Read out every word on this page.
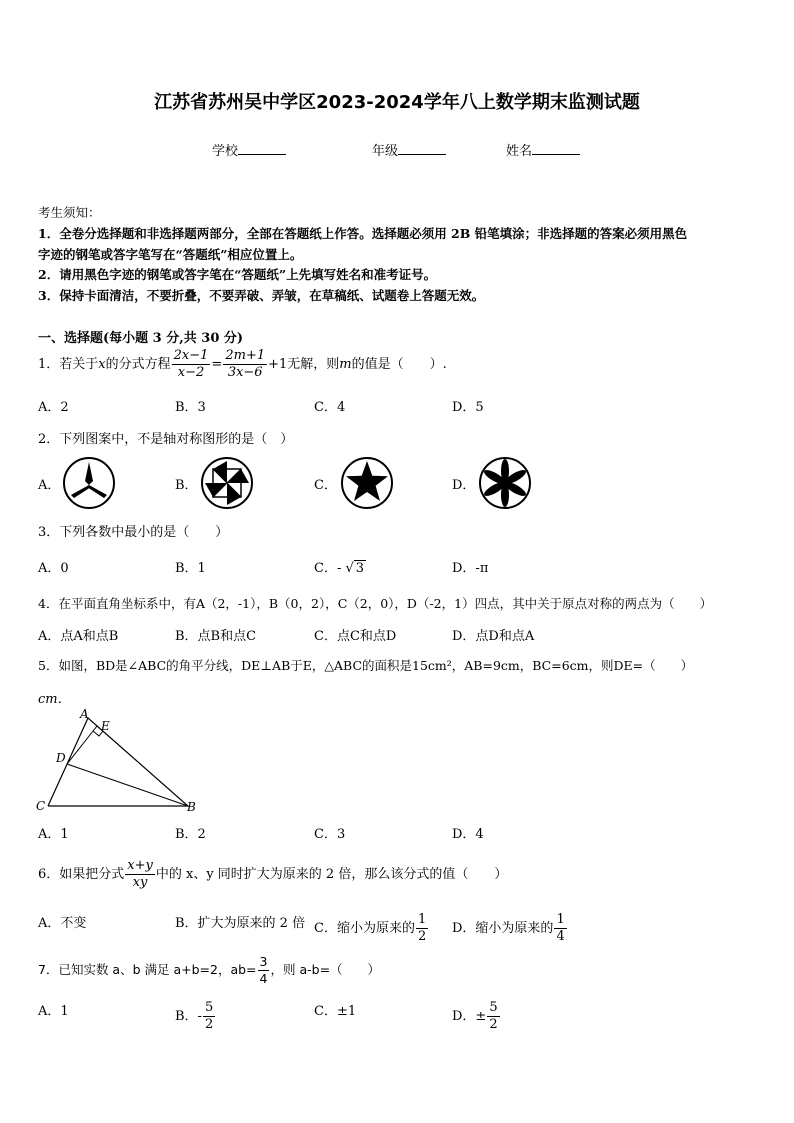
江苏省苏州吴中学区2023-2024学年八上数学期末监测试题
学校	年级	姓名
考生须知：
1．全卷分选择题和非选择题两部分，全部在答题纸上作答。选择题必须用 2B 铅笔填涂；非选择题的答案必须用黑色
字迹的钢笔或答字笔写在“答题纸”相应位置上。
2．请用黑色字迹的钢笔或答字笔在“答题纸”上先填写姓名和准考证号。
3．保持卡面清洁，不要折叠，不要弄破、弄皱，在草稿纸、试题卷上答题无效。
一、选择题(每小题 3 分,共 30 分)
1．若关于x的分式方程 $\frac{2x-1}{x-2} = \frac{2m+1}{3x-6} +1$无解，则m的值是（　　）.
A．2	B．3	C．4	D．5
2．下列图案中，不是轴对称图形的是（　）
A．	B．	C．	D．
3．下列各数中最小的是（　　）
A．0	B．1	C．- √ 3	D．-π
4．在平面直角坐标系中，有A（2，-1），B（0，2），C（2，0），D（-2，1）四点，其中关于原点对称的两点为（　　）
A．点A和点B	B．点B和点C	C．点C和点D	D．点D和点A
5．如图，BD是∠ABC的角平分线，DE⊥AB于E，△ABC的面积是15cm²，AB=9cm，BC=6cm，则DE=（　　）
cm．
A
E
D
C	B
A．1	B．2	C．3	D．4
6．如果把分式 $\frac{x+y}{xy}$ 中的 x、y 同时扩大为原来的 2 倍，那么该分式的值（　　）
A．不变	B．扩大为原来的 2 倍 C．缩小为原来的 $\frac{1}{2}$ D．缩小为原来的 $\frac{1}{4}$
7．已知实数 a、b 满足 a+b=2，$ab= \frac{3}{4}$ ，则 a-b=（　　）
A．1	B．- $\frac{5}{2}$	C．±1	D．± $\frac{5}{2}$
